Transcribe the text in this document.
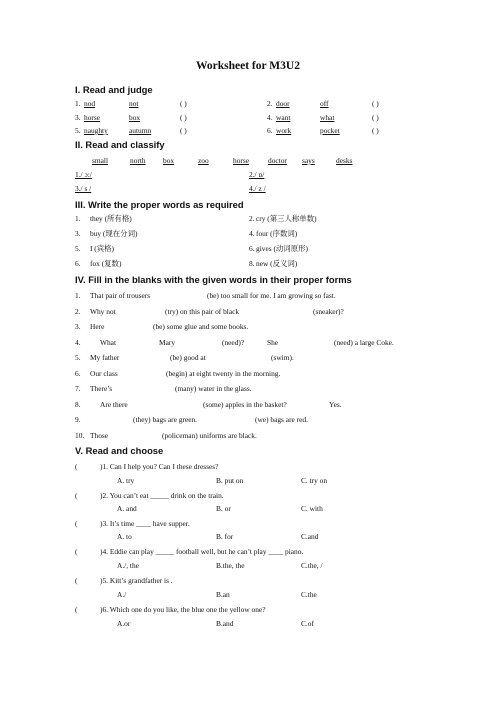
Worksheet for M3U2
I. Read and judge
1. nod	not	( )	2. door	off	( )
3. horse	box	( )	4. want	what	( )
5. naughty	autumn	( )	6. work	pocket	( )
II. Read and classify
small	north box	zoo	horse	doctor says	desks
1./ ɔ:/	2./ ɒ/
3./ s /	4./ z /
III. Write the proper words as required
1. they (所有格)	2. cry (第三人称单数)
3. buy (现在分词)	4. four (序数词)
5. I (宾格)	6. gives (动词原形)
6. fox (复数)	8. new (反义词)
IV. Fill in the blanks with the given words in their proper forms
1. That pair of trousers	(be) too small for me. I am growing so fast.
2. Why not	(try) on this pair of black	(sneaker)?
3. Here	(be) some glue and some books.
4.	What	Mary	(need)?	She	(need) a large Coke.
5. My father	(be) good at	(swim).
6. Our class	(begin) at eight twenty in the morning.
7. There’s	(many) water in the glass.
8.	Are there	(some) apples in the basket?	Yes.
9.	(they) bags are green.	(we) bags are red.
10. Those	(policeman) uniforms are black.
V. Read and choose
(	)1. Can I help you? Can I these dresses?
A. try	B. put on	C. try on
(	)2. You can’t eat _____ drink on the train.
A. and	B. or	C. with
(	)3. It’s time ____ have supper.
A. to	B. for	C.and
(	)4. Eddie can play _____ football well, but he can’t play ____ piano.
A./, the	B.the, the	C.the, /
(	)5. Kitt’s grandfather is .
A./	B.an	C.the
(	)6. Which one do you like, the blue one the yellow one?
A.or	B.and	C.of
